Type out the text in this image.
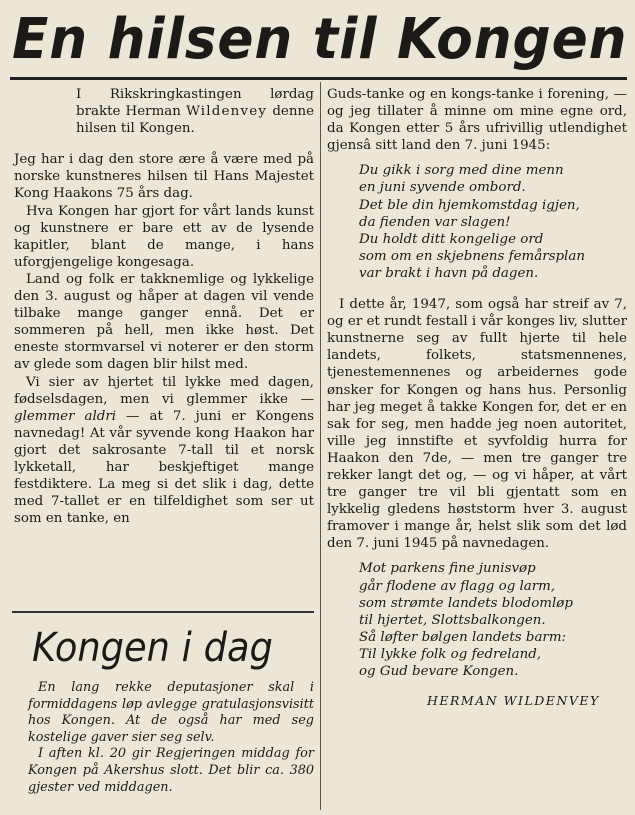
En hilsen til Kongen

I Rikskringkastingen lørdag brakte Herman Wildenvey denne hilsen til Kongen.

Jeg har i dag den store ære å være med på norske kunstneres hilsen til Hans Majestet Kong Haakons 75 års dag.

Hva Kongen har gjort for vårt lands kunst og kunstnere er bare ett av de lysende kapitler, blant de mange, i hans uforgjengelige kongesaga.

Land og folk er takknemlige og lykkelige den 3. august og håper at dagen vil vende tilbake mange ganger ennå. Det er sommeren på hell, men ikke høst. Det eneste stormvarsel vi noterer er den storm av glede som dagen blir hilst med.

Vi sier av hjertet til lykke med dagen, fødselsdagen, men vi glemmer ikke — glemmer aldri — at 7. juni er Kongens navnedag! At vår syvende kong Haakon har gjort det sakrosante 7-tall til et norsk lykketall, har beskjeftiget mange festdiktere. La meg si det slik i dag, dette med 7-tallet er en tilfeldighet som ser ut som en tanke, en

Kongen i dag

En lang rekke deputasjoner skal i formiddagens løp avlegge gratulasjonsvisitt hos Kongen. At de også har med seg kostelige gaver sier seg selv.

I aften kl. 20 gir Regjeringen middag for Kongen på Akershus slott. Det blir ca. 380 gjester ved middagen.

Guds-tanke og en kongs-tanke i forening, — og jeg tillater å minne om mine egne ord, da Kongen etter 5 års ufrivillig utlendighet gjensâ sitt land den 7. juni 1945:

Du gikk i sorg med dine menn
en juni syvende ombord.
Det ble din hjemkomstdag igjen,
da fienden var slagen!
Du holdt ditt kongelige ord
som om en skjebnens femårsplan
var brakt i havn på dagen.

I dette år, 1947, som også har streif av 7, og er et rundt festall i vår konges liv, slutter kunstnerne seg av fullt hjerte til hele landets, folkets, statsmennenes, tjenestemennenes og arbeidernes gode ønsker for Kongen og hans hus. Personlig har jeg meget å takke Kongen for, det er en sak for seg, men hadde jeg noen autoritet, ville jeg innstifte et syvfoldig hurra for Haakon den 7de, — men tre ganger tre rekker langt det og, — og vi håper, at vårt tre ganger tre vil bli gjentatt som en lykkelig gledens høststorm hver 3. august framover i mange år, helst slik som det lød den 7. juni 1945 på navnedagen.

Mot parkens fine junisvøp
går flodene av flagg og larm,
som strømte landets blodomløp
til hjertet, Slottsbalkongen.
Så løfter bølgen landets barm:
Til lykke folk og fedreland,
og Gud bevare Kongen.
HERMAN WILDENVEY
